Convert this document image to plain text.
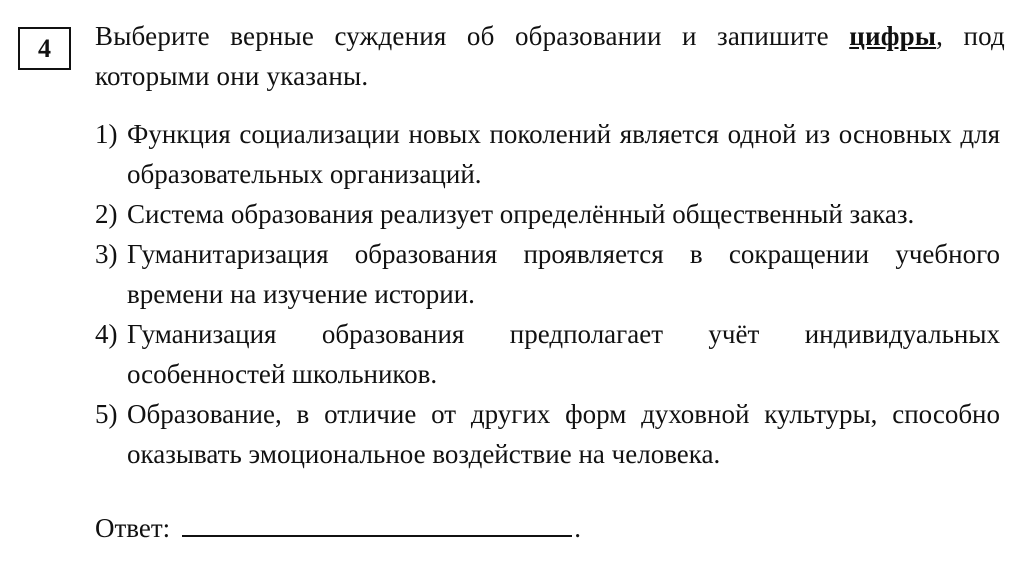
4 Выберите верные суждения об образовании и запишите цифры, под которыми они указаны.
1) Функция социализации новых поколений является одной из основных для образовательных организаций.
2) Система образования реализует определённый общественный заказ.
3) Гуманитаризация образования проявляется в сокращении учебного времени на изучение истории.
4) Гуманизация образования предполагает учёт индивидуальных особенностей школьников.
5) Образование, в отличие от других форм духовной культуры, способно оказывать эмоциональное воздействие на человека.
Ответ:	.
